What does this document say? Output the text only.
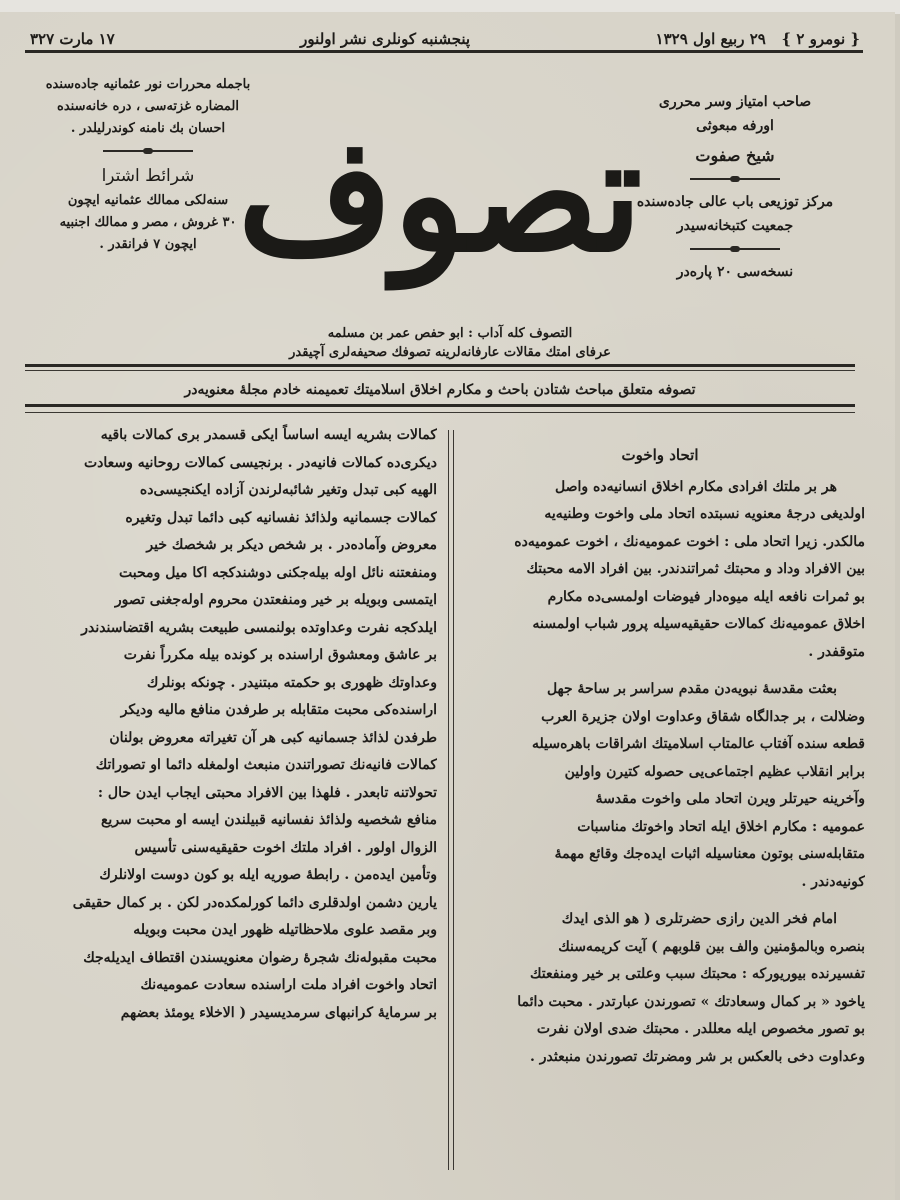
{ نومرو ۲ }   ۲۹ ربیع اول ۱۳۲۹
پنجشنبه کونلری نشر اولنور
۱۷ مارت ۳۲۷
باجمله محررات نور عثمانیه جاده‌سنده
المضاره غزته‌سی ، دره خانه‌سنده
احسان بك نامنه کوندرلیلدر .
شرائط اشترا
سنه‌لکی ممالك عثمانیه ایچون
۳۰ غروش ، مصر و ممالك اجنبیه
ایچون ۷ فرانقدر . تصوف
صاحب امتیاز وسر محرری
اورفه مبعوثی
شیخ صفوت
مرکز توزیعی باب عالی جاده‌سنده
جمعیت کتبخانه‌سیدر
نسخه‌سی ۲۰ پاره‌در
التصوف کله آداب : ابو حفص عمر بن مسلمه
عرفای امتك مقالات عارفانه‌لرینه تصوفك صحیفه‌لری آچیقدر
تصوفه متعلق مباحث شتادن باحث و مکارم اخلاق اسلامیتك تعمیمنه خادم مجلهٔ معنویه‌در
اتحاد واخوت
هر بر ملتك افرادی مکارم اخلاق انسانیه‌ده واصل
اولدیغی درجهٔ معنویه نسبتده اتحاد ملی واخوت وطنیه‌یه
مالکدر. زیرا اتحاد ملی : اخوت عمومیه‌نك ، اخوت عمومیه‌ده
بین الافراد وداد و محبتك ثمراتندندر. بین افراد الامه محبتك
بو ثمرات نافعه ایله میوه‌دار فیوضات اولمسی‌ده مکارم
اخلاق عمومیه‌نك کمالات حقیقیه‌سیله پرور شباب اولمسنه
متوقفدر .
بعثت مقدسهٔ نبویه‌دن مقدم سراسر بر ساحهٔ جهل
وضلالت ، بر جدالگاه شقاق وعداوت اولان جزیرة العرب
قطعه سنده آفتاب عالمتاب اسلامیتك اشراقات باهره‌سیله
برابر انقلاب عظیم اجتماعی‌یی حصوله کتیرن واولین
وآخرینه حیرتلر ویرن اتحاد ملی واخوت مقدسهٔ
عمومیه : مکارم اخلاق ایله اتحاد واخوتك مناسبات
متقابله‌سنی بوتون معناسیله اثبات ایده‌جك وقائع مهمهٔ
کونیه‌دندر .
امام فخر الدین رازی حضرتلری ( هو الذی ایدك
بنصره وبالمؤمنین والف بین قلوبهم ) آیت کریمه‌سنك
تفسیرنده بیوریورکه : محبتك سبب وعلتی بر خیر ومنفعتك
یاخود « بر کمال وسعادتك » تصورندن عبارتدر . محبت دائما
بو تصور مخصوص ایله معللدر . محبتك ضدی اولان نفرت
وعداوت دخی بالعکس بر شر ومضرتك تصورندن منبعثدر .
کمالات بشریه ایسه اساساً ایکی قسمدر بری کمالات باقیه
دیکری‌ده کمالات فانیه‌در . برنجیسی کمالات روحانیه وسعادت
الهیه کبی تبدل وتغیر شائبه‌لرندن آزاده ایکنجیسی‌ده
کمالات جسمانیه ولذائذ نفسانیه کبی دائما تبدل وتغیره
معروض وآماده‌در . بر شخص دیکر بر شخصك خیر
ومنفعتنه نائل اوله بیله‌جکنی دوشندکجه اکا میل ومحبت
ایتمسی وبویله بر خیر ومنفعتدن محروم اوله‌جغنی تصور
ایلدکجه نفرت وعداوتده بولنمسی طبیعت بشریه اقتضاسندندر
بر عاشق ومعشوق اراسنده بر کونده بیله مکرراً نفرت
وعداوتك ظهوری بو حکمته مبتنیدر . چونکه بونلرك
اراسنده‌کی محبت متقابله بر طرفدن منافع مالیه ودیکر
طرفدن لذائذ جسمانیه کبی هر آن تغیراته معروض بولنان
کمالات فانیه‌نك تصوراتندن منبعث اولمغله دائما او تصوراتك
تحولاتنه تابعدر . فلهذا بین الافراد محبتی ایجاب ایدن حال :
منافع شخصیه ولذائذ نفسانیه قبیلندن ایسه او محبت سریع
الزوال اولور . افراد ملتك اخوت حقیقیه‌سنی تأسیس
وتأمین ایده‌من . رابطهٔ صوریه ایله بو کون دوست اولانلرك
یارین دشمن اولدقلری دائما کورلمکده‌در لکن . بر کمال حقیقی
وبر مقصد علوی ملاحظاتیله ظهور ایدن محبت وبویله
محبت مقبوله‌نك شجرهٔ رضوان معنویسندن اقتطاف ایدیله‌جك
اتحاد واخوت افراد ملت اراسنده سعادت عمومیه‌نك
بر سرمایهٔ کرانبهای سرمدیسیدر ( الاخلاء یومئذ بعضهم
